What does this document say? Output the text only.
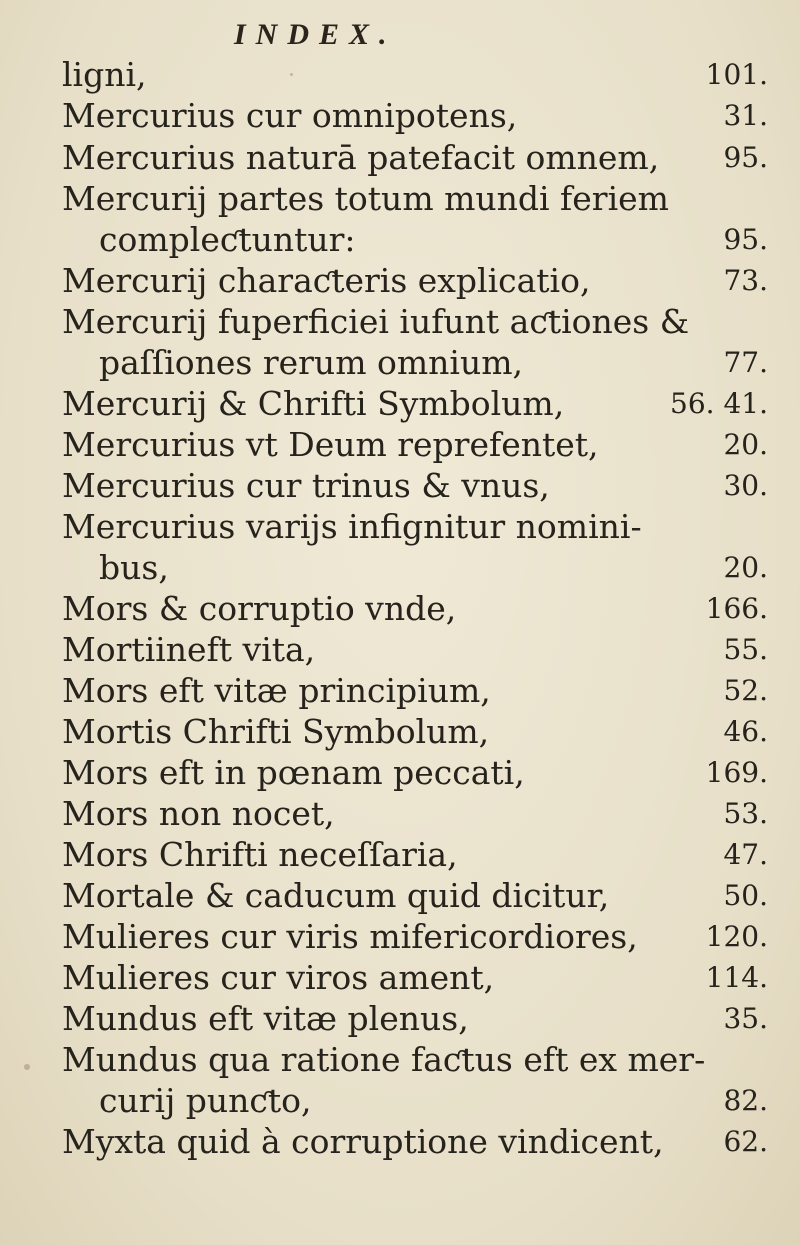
INDEX.
ligni,	101.
Mercurius cur omnipotens,	31.
Mercurius naturā patefacit omnem, 95.
Mercurij partes totum mundi feriem
compleƈtuntur:	95.
Mercurij charaƈteris explicatio,	73.
Mercurij fuperficiei iufunt aƈtiones &
paſſiones rerum omnium,	77.
Mercurij & Chrifti Symbolum,	56. 41.
Mercurius vt Deum reprefentet,	20.
Mercurius cur trinus & vnus,	30.
Mercurius varijs infignitur nomini-
bus,	20.
Mors & corruptio vnde,	166.
Mortiineft vita,	55.
Mors eft vitæ principium,	52.
Mortis Chrifti Symbolum,	46.
Mors eft in pœnam peccati,	169.
Mors non nocet,	53.
Mors Chrifti neceſſaria,	47.
Mortale & caducum quid dicitur,	50.
Mulieres cur viris mifericordiores, 120.
Mulieres cur viros ament,	114.
Mundus eft vitæ plenus,	35.
Mundus qua ratione faƈtus eft ex mer-
curij punƈto,	82.
Myxta quid à corruptione vindicent, 62.
